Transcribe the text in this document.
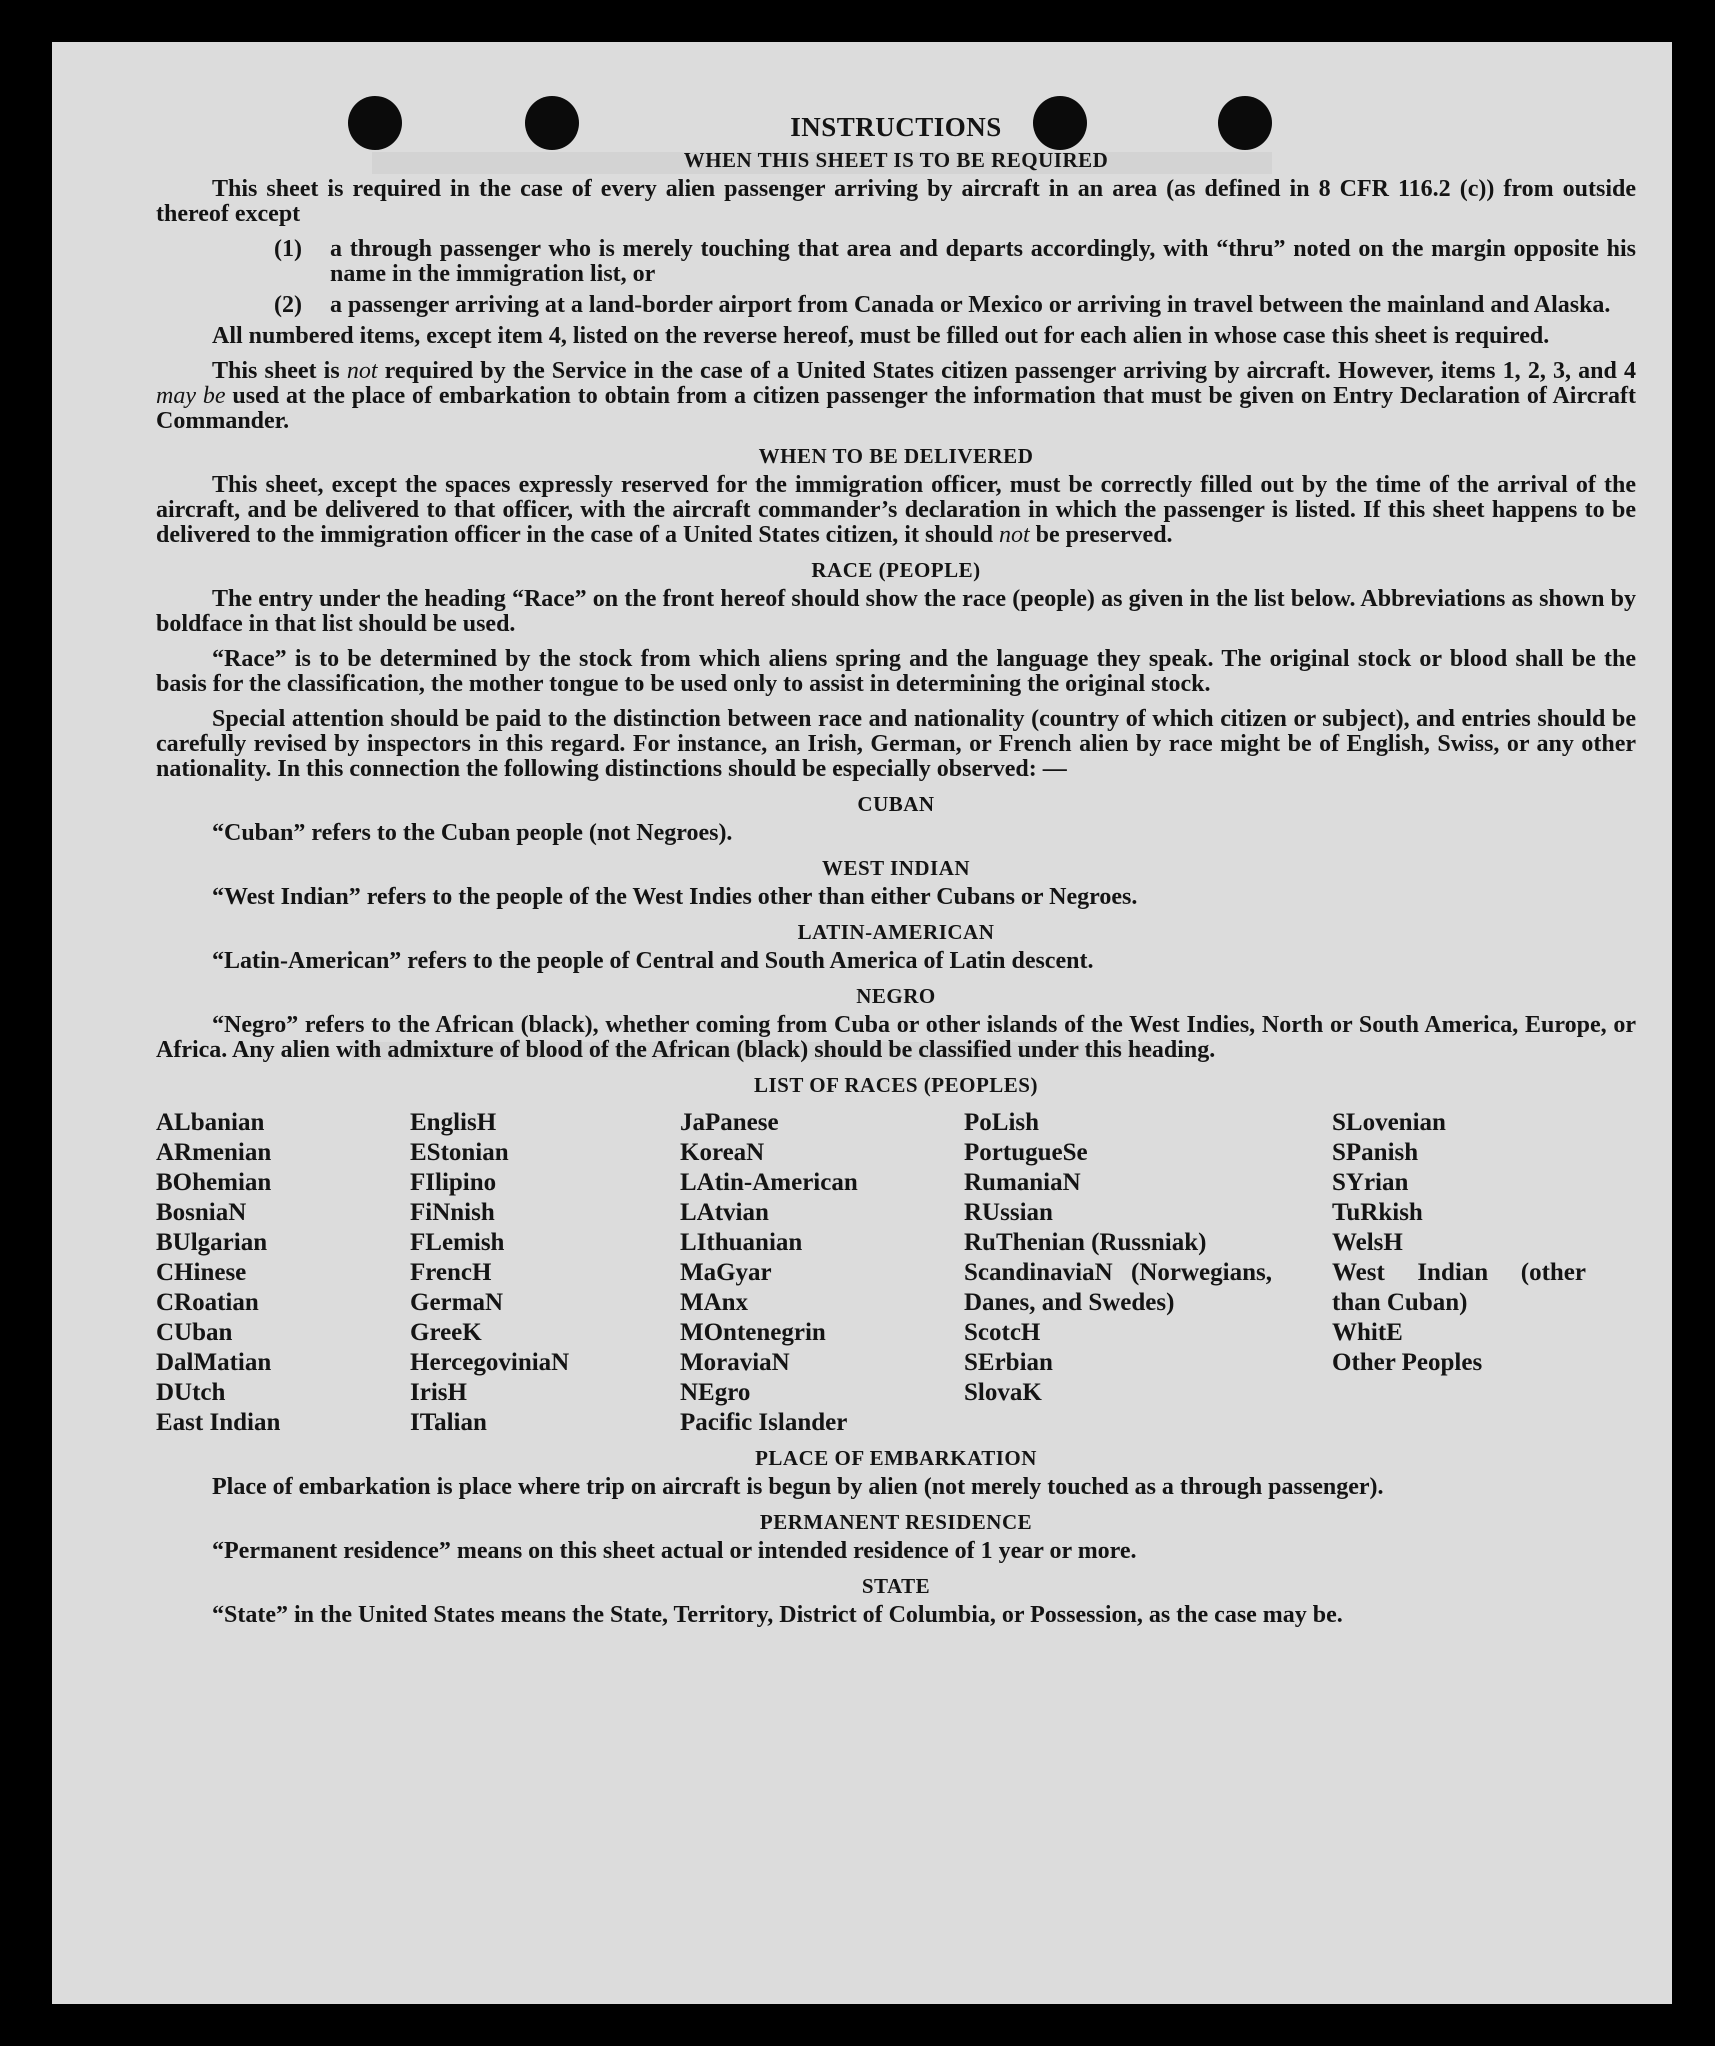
INSTRUCTIONS
WHEN THIS SHEET IS TO BE REQUIRED

This sheet is required in the case of every alien passenger arriving by aircraft in an area (as defined in 8 CFR 116.2 (c)) from outside thereof except

(1)	a through passenger who is merely touching that area and departs accordingly, with “thru” noted on the margin opposite his name in the immigration list, or
(2)	a passenger arriving at a land-border airport from Canada or Mexico or arriving in travel between the mainland and Alaska.

All numbered items, except item 4, listed on the reverse hereof, must be filled out for each alien in whose case this sheet is required.

This sheet is not required by the Service in the case of a United States citizen passenger arriving by aircraft. However, items 1, 2, 3, and 4 may be used at the place of embarkation to obtain from a citizen passenger the information that must be given on Entry Declaration of Aircraft Commander.

WHEN TO BE DELIVERED

This sheet, except the spaces expressly reserved for the immigration officer, must be correctly filled out by the time of the arrival of the aircraft, and be delivered to that officer, with the aircraft commander’s declaration in which the passenger is listed. If this sheet happens to be delivered to the immigration officer in the case of a United States citizen, it should not be preserved.

RACE (PEOPLE)

The entry under the heading “Race” on the front hereof should show the race (people) as given in the list below. Abbreviations as shown by boldface in that list should be used.

“Race” is to be determined by the stock from which aliens spring and the language they speak. The original stock or blood shall be the basis for the classification, the mother tongue to be used only to assist in determining the original stock.

Special attention should be paid to the distinction between race and nationality (country of which citizen or subject), and entries should be carefully revised by inspectors in this regard. For instance, an Irish, German, or French alien by race might be of English, Swiss, or any other nationality. In this connection the following distinctions should be especially observed: —

CUBAN

“Cuban” refers to the Cuban people (not Negroes).

WEST INDIAN

“West Indian” refers to the people of the West Indies other than either Cubans or Negroes.

LATIN-AMERICAN

“Latin-American” refers to the people of Central and South America of Latin descent.

NEGRO

“Negro” refers to the African (black), whether coming from Cuba or other islands of the West Indies, North or South America, Europe, or Africa. Any alien with admixture of blood of the African (black) should be classified under this heading.

LIST OF RACES (PEOPLES)
ALbanian
ARmenian
BOhemian
BosniaN
BUlgarian
CHinese
CRoatian
CUban
DalMatian
DUtch
East Indian
EnglisH
EStonian
FIlipino
FiNnish
FLemish
FrencH
GermaN
GreeK
HercegoviniaN
IrisH
ITalian
JaPanese
KoreaN
LAtin-American
LAtvian
LIthuanian
MaGyar
MAnx
MOntenegrin
MoraviaN
NEgro
Pacific Islander
PoLish
PortugueSe
RumaniaN
RUssian
RuThenian (Russniak)
ScandinaviaN (Norwegians, Danes, and Swedes)
ScotcH
SErbian
SlovaK
SLovenian
SPanish
SYrian
TuRkish
WelsH
West Indian (other than Cuban)
WhitE
Other Peoples
PLACE OF EMBARKATION

Place of embarkation is place where trip on aircraft is begun by alien (not merely touched as a through passenger).

PERMANENT RESIDENCE

“Permanent residence” means on this sheet actual or intended residence of 1 year or more.

STATE

“State” in the United States means the State, Territory, District of Columbia, or Possession, as the case may be.
